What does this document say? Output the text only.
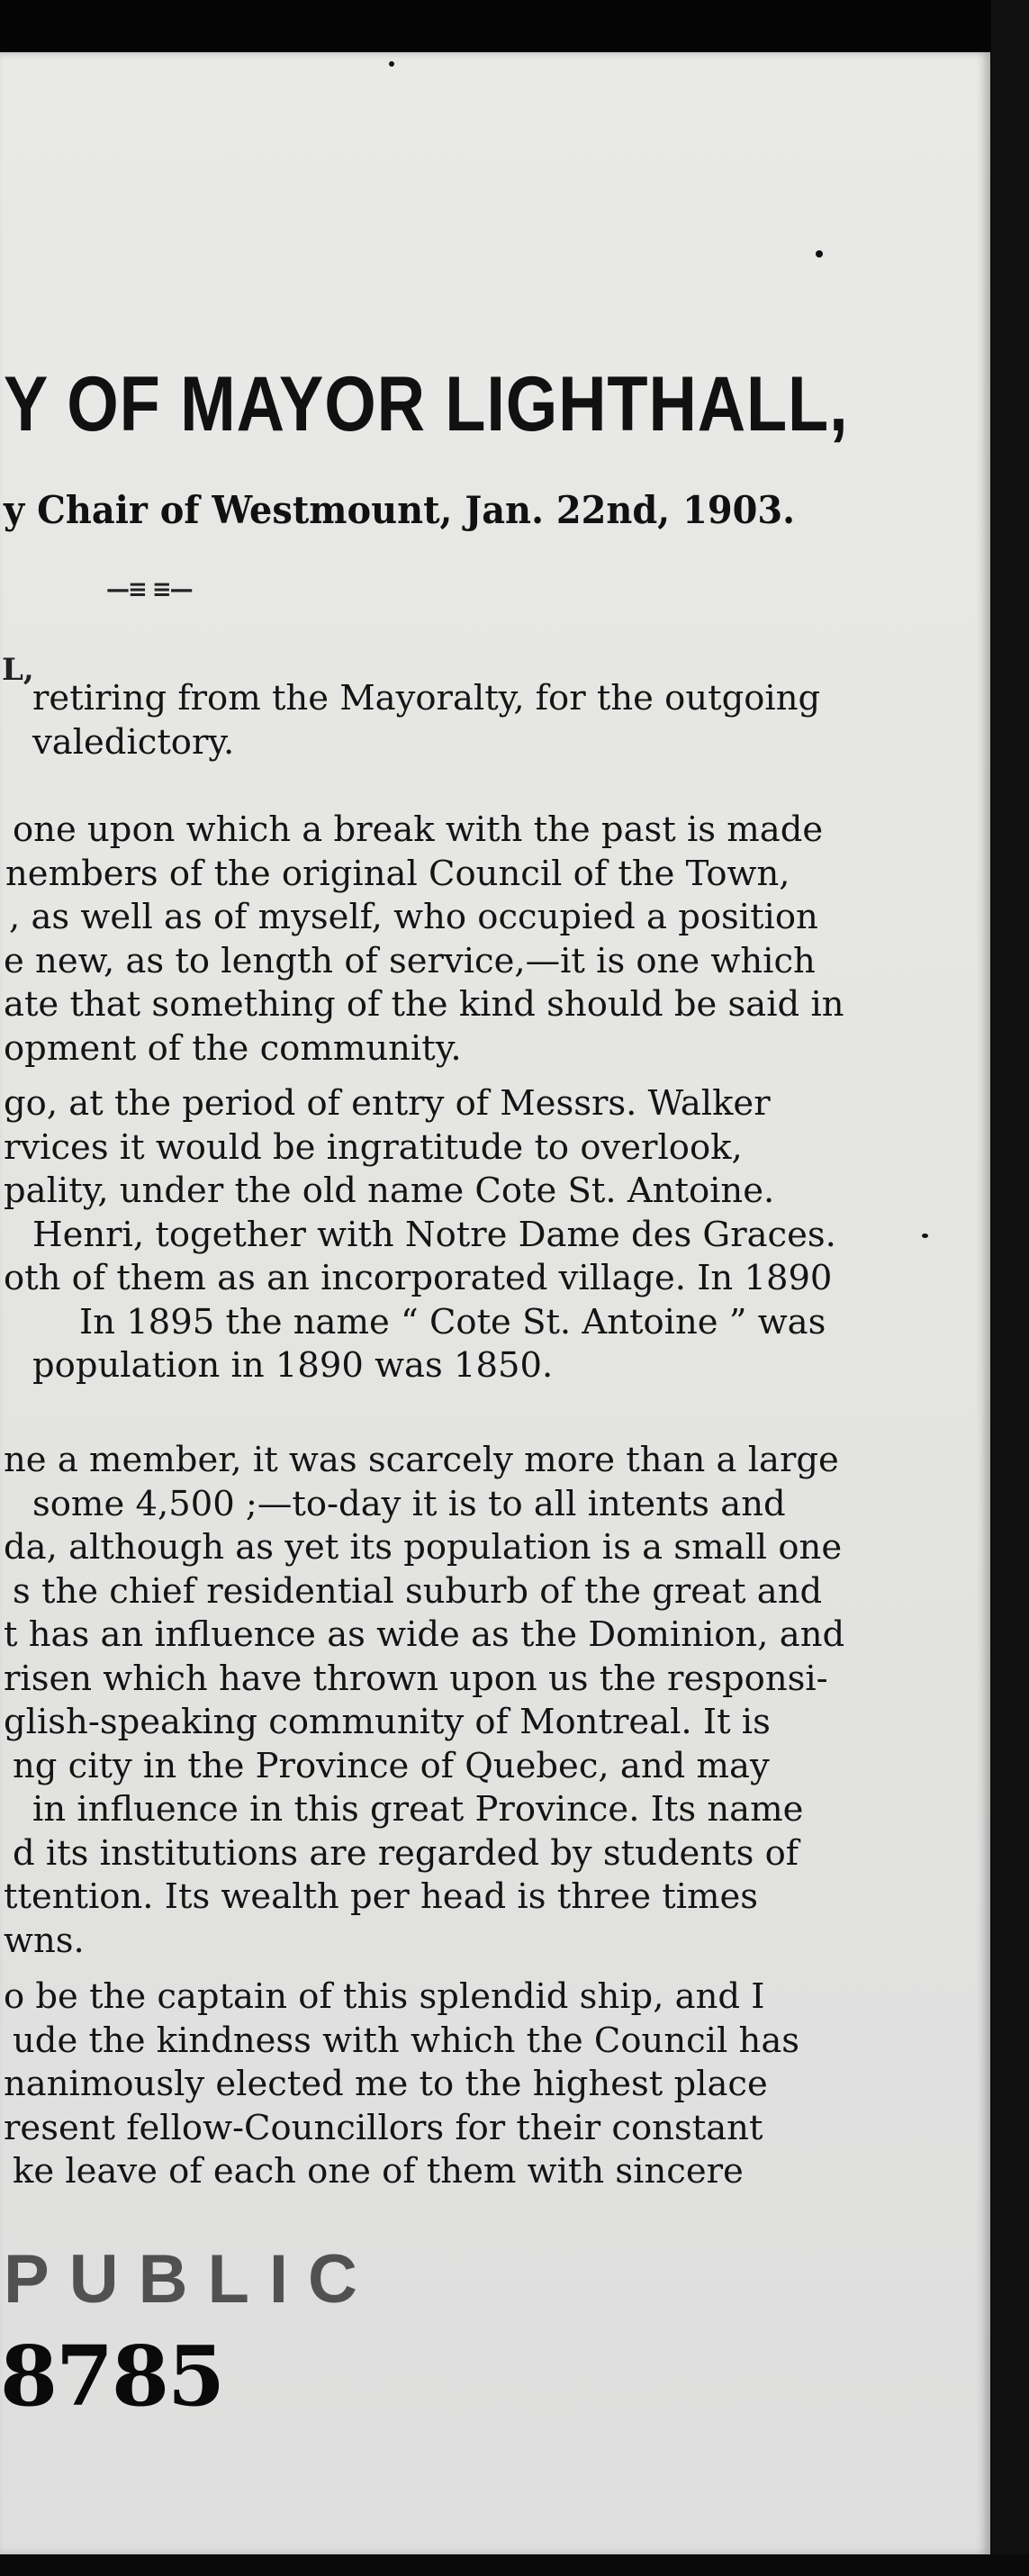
Y OF MAYOR LIGHTHALL,
y Chair of Westmount, Jan. 22nd, 1903.
—≡ ≡—
L,

retiring from the Mayoralty, for the outgoing
valedictory.

one upon which a break with the past is made
nembers of the original Council of the Town,
, as well as of myself, who occupied a position
e new, as to length of service,—it is one which
ate that something of the kind should be said in
opment of the community.

go, at the period of entry of Messrs. Walker
rvices it would be ingratitude to overlook,
pality, under the old name Cote St. Antoine.
Henri, together with Notre Dame des Graces.
oth of them as an incorporated village. In 1890
In 1895 the name “ Cote St. Antoine ” was
population in 1890 was 1850.

ne a member, it was scarcely more than a large
some 4,500 ;—to-day it is to all intents and
da, although as yet its population is a small one
s the chief residential suburb of the great and
t has an influence as wide as the Dominion, and
risen which have thrown upon us the responsi-
glish-speaking community of Montreal. It is
ng city in the Province of Quebec, and may
in influence in this great Province. Its name
d its institutions are regarded by students of
ttention. Its wealth per head is three times
wns.

o be the captain of this splendid ship, and I
ude the kindness with which the Council has
nanimously elected me to the highest place
resent fellow-Councillors for their constant
ke leave of each one of them with sincere

PUBLIC
8785
